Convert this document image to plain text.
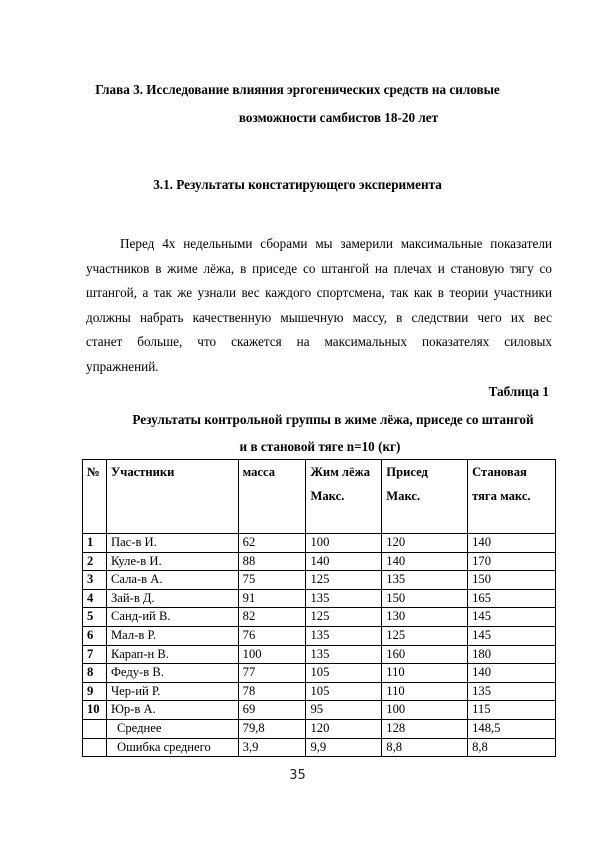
Глава 3. Исследование влияния эргогенических средств на силовые
возможности самбистов 18-20 лет
3.1. Результаты констатирующего эксперимента

Перед 4х недельными сборами мы замерили максимальные показатели
участников в жиме лёжа, в приседе со штангой на плечах и становую тягу со
штангой, а так же узнали вес каждого спортсмена, так как в теории участники
должны набрать качественную мышечную массу, в следствии чего их вес
станет больше, что скажется на максимальных показателях силовых
упражнений.

Таблица 1
Результаты контрольной группы в жиме лёжа, приседе со штангой
и в становой тяге n=10 (кг)
№	Участники	масса	Жим лёжа Макс.	Присед Макс.	Становая тяга макс.
1	Пас-в И.	62	100	120	140
2	Куле-в И.	88	140	140	170
3	Сала-в А.	75	125	135	150
4	Зай-в Д.	91	135	150	165
5	Санд-ий В.	82	125	130	145
6	Мал-в Р.	76	135	125	145
7	Карап-н В.	100	135	160	180
8	Феду-в В.	77	105	110	140
9	Чер-ий Р.	78	105	110	135
10	Юр-в А.	69	95	100	115
	Среднее	79,8	120	128	148,5
	Ошибка среднего	3,9	9,9	8,8	8,8
35
